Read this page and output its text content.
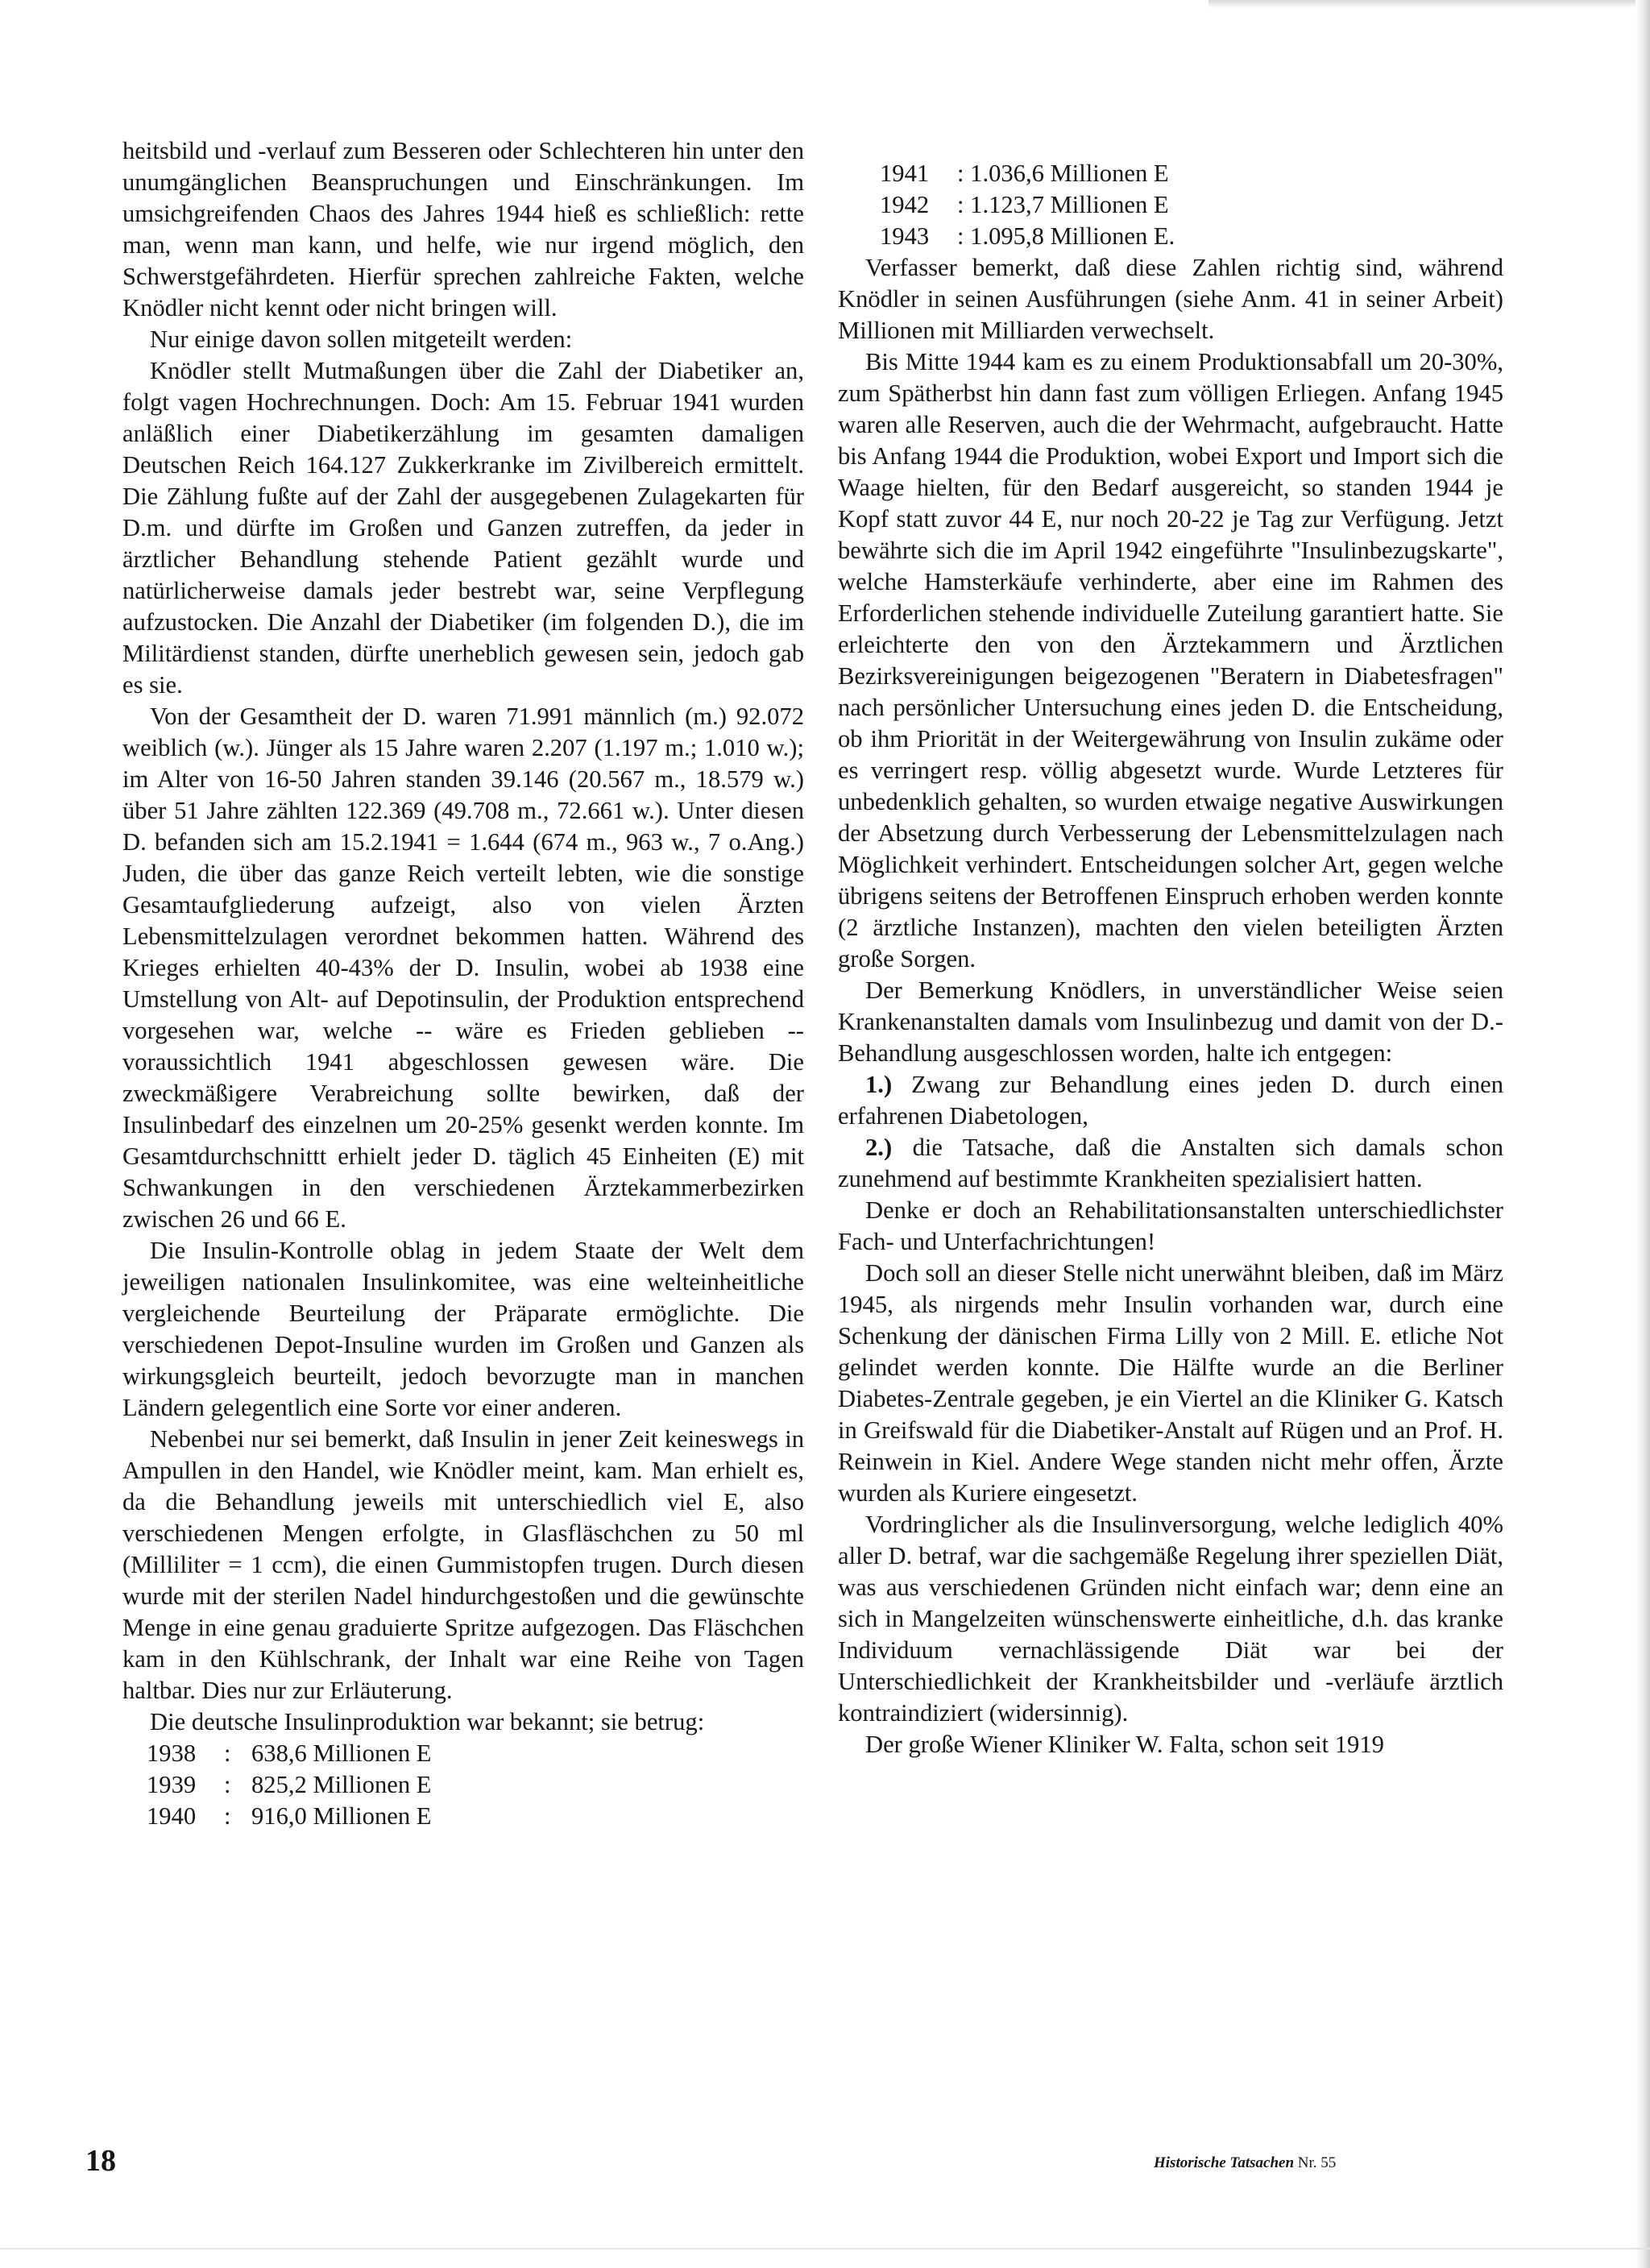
heitsbild und -verlauf zum Besseren oder Schlechteren hin unter den unumgänglichen Beanspruchungen und Einschränkungen. Im umsichgreifenden Chaos des Jahres 1944 hieß es schließlich: rette man, wenn man kann, und helfe, wie nur irgend möglich, den Schwerstgefährdeten. Hierfür sprechen zahlreiche Fakten, welche Knödler nicht kennt oder nicht bringen will.

Nur einige davon sollen mitgeteilt werden:

Knödler stellt Mutmaßungen über die Zahl der Diabetiker an, folgt vagen Hochrechnungen. Doch: Am 15. Februar 1941 wurden anläßlich einer Diabetikerzählung im gesamten damaligen Deutschen Reich 164.127 Zukkerkranke im Zivilbereich ermittelt. Die Zählung fußte auf der Zahl der ausgegebenen Zulagekarten für D.m. und dürfte im Großen und Ganzen zutreffen, da jeder in ärztlicher Behandlung stehende Patient gezählt wurde und natürlicherweise damals jeder bestrebt war, seine Verpflegung aufzustocken. Die Anzahl der Diabetiker (im folgenden D.), die im Militärdienst standen, dürfte unerheblich gewesen sein, jedoch gab es sie.

Von der Gesamtheit der D. waren 71.991 männlich (m.) 92.072 weiblich (w.). Jünger als 15 Jahre waren 2.207 (1.197 m.; 1.010 w.); im Alter von 16-50 Jahren standen 39.146 (20.567 m., 18.579 w.) über 51 Jahre zählten 122.369 (49.708 m., 72.661 w.). Unter diesen D. befanden sich am 15.2.1941 = 1.644 (674 m., 963 w., 7 o.Ang.) Juden, die über das ganze Reich verteilt lebten, wie die sonstige Gesamtaufgliederung aufzeigt, also von vielen Ärzten Lebensmittelzulagen verordnet bekommen hatten. Während des Krieges erhielten 40-43% der D. Insulin, wobei ab 1938 eine Umstellung von Alt- auf Depotinsulin, der Produktion entsprechend vorgesehen war, welche -- wäre es Frieden geblieben -- voraussichtlich 1941 abgeschlossen gewesen wäre. Die zweckmäßigere Verabreichung sollte bewirken, daß der Insulinbedarf des einzelnen um 20-25% gesenkt werden konnte. Im Gesamtdurchschnittt erhielt jeder D. täglich 45 Einheiten (E) mit Schwankungen in den verschiedenen Ärztekammerbezirken zwischen 26 und 66 E.

Die Insulin-Kontrolle oblag in jedem Staate der Welt dem jeweiligen nationalen Insulinkomitee, was eine welteinheitliche vergleichende Beurteilung der Präparate ermöglichte. Die verschiedenen Depot-Insuline wurden im Großen und Ganzen als wirkungsgleich beurteilt, jedoch bevorzugte man in manchen Ländern gelegentlich eine Sorte vor einer anderen.

Nebenbei nur sei bemerkt, daß Insulin in jener Zeit keineswegs in Ampullen in den Handel, wie Knödler meint, kam. Man erhielt es, da die Behandlung jeweils mit unterschiedlich viel E, also verschiedenen Mengen erfolgte, in Glasfläschchen zu 50 ml (Milliliter = 1 ccm), die einen Gummistopfen trugen. Durch diesen wurde mit der sterilen Nadel hindurchgestoßen und die gewünschte Menge in eine genau graduierte Spritze aufgezogen. Das Fläschchen kam in den Kühlschrank, der Inhalt war eine Reihe von Tagen haltbar. Dies nur zur Erläuterung.

Die deutsche Insulinproduktion war bekannt; sie betrug:

1938	: 638,6 Millionen E
1939	: 825,2 Millionen E
1940	: 916,0 Millionen E
1941	: 1.036,6 Millionen E
1942	: 1.123,7 Millionen E
1943	: 1.095,8 Millionen E.

Verfasser bemerkt, daß diese Zahlen richtig sind, während Knödler in seinen Ausführungen (siehe Anm. 41 in seiner Arbeit) Millionen mit Milliarden verwechselt.

Bis Mitte 1944 kam es zu einem Produktionsabfall um 20-30%, zum Spätherbst hin dann fast zum völligen Erliegen. Anfang 1945 waren alle Reserven, auch die der Wehrmacht, aufgebraucht. Hatte bis Anfang 1944 die Produktion, wobei Export und Import sich die Waage hielten, für den Bedarf ausgereicht, so standen 1944 je Kopf statt zuvor 44 E, nur noch 20-22 je Tag zur Verfügung. Jetzt bewährte sich die im April 1942 eingeführte "Insulinbezugskarte", welche Hamsterkäufe verhinderte, aber eine im Rahmen des Erforderlichen stehende individuelle Zuteilung garantiert hatte. Sie erleichterte den von den Ärztekammern und Ärztlichen Bezirksvereinigungen beigezogenen "Beratern in Diabetesfragen" nach persönlicher Untersuchung eines jeden D. die Entscheidung, ob ihm Priorität in der Weitergewährung von Insulin zukäme oder es verringert resp. völlig abgesetzt wurde. Wurde Letzteres für unbedenklich gehalten, so wurden etwaige negative Auswirkungen der Absetzung durch Verbesserung der Lebensmittelzulagen nach Möglichkeit verhindert. Entscheidungen solcher Art, gegen welche übrigens seitens der Betroffenen Einspruch erhoben werden konnte (2 ärztliche Instanzen), machten den vielen beteiligten Ärzten große Sorgen.

Der Bemerkung Knödlers, in unverständlicher Weise seien Krankenanstalten damals vom Insulinbezug und damit von der D.-Behandlung ausgeschlossen worden, halte ich entgegen:

1.) Zwang zur Behandlung eines jeden D. durch einen erfahrenen Diabetologen,

2.) die Tatsache, daß die Anstalten sich damals schon zunehmend auf bestimmte Krankheiten spezialisiert hatten.

Denke er doch an Rehabilitationsanstalten unterschiedlichster Fach- und Unterfachrichtungen!

Doch soll an dieser Stelle nicht unerwähnt bleiben, daß im März 1945, als nirgends mehr Insulin vorhanden war, durch eine Schenkung der dänischen Firma Lilly von 2 Mill. E. etliche Not gelindet werden konnte. Die Hälfte wurde an die Berliner Diabetes-Zentrale gegeben, je ein Viertel an die Kliniker G. Katsch in Greifswald für die Diabetiker-Anstalt auf Rügen und an Prof. H. Reinwein in Kiel. Andere Wege standen nicht mehr offen, Ärzte wurden als Kuriere eingesetzt.

Vordringlicher als die Insulinversorgung, welche lediglich 40% aller D. betraf, war die sachgemäße Regelung ihrer speziellen Diät, was aus verschiedenen Gründen nicht einfach war; denn eine an sich in Mangelzeiten wünschenswerte einheitliche, d.h. das kranke Individuum vernachlässigende Diät war bei der Unterschiedlichkeit der Krankheitsbilder und -verläufe ärztlich kontraindiziert (widersinnig).

Der große Wiener Kliniker W. Falta, schon seit 1919

18	Historische Tatsachen Nr. 55
